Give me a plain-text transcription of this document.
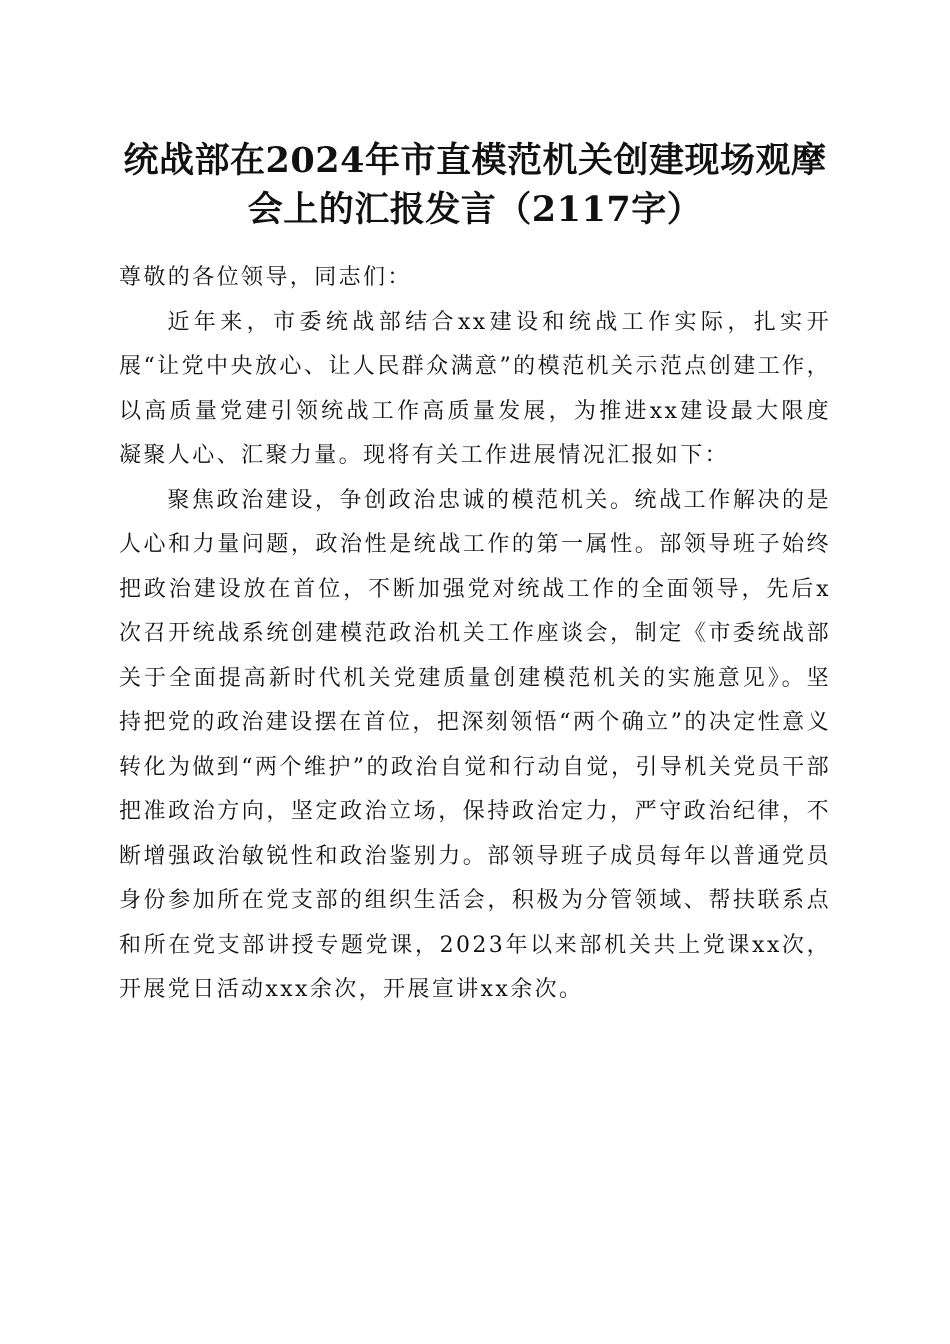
统战部在2024年市直模范机关创建现场观摩
会上的汇报发言（2117字）

尊敬的各位领导，同志们：

近年来，市委统战部结合xx建设和统战工作实际，扎实开展“让党中央放心、让人民群众满意”的模范机关示范点创建工作，以高质量党建引领统战工作高质量发展，为推进xx建设最大限度凝聚人心、汇聚力量。现将有关工作进展情况汇报如下：

聚焦政治建设，争创政治忠诚的模范机关。统战工作解决的是人心和力量问题，政治性是统战工作的第一属性。部领导班子始终把政治建设放在首位，不断加强党对统战工作的全面领导，先后x次召开统战系统创建模范政治机关工作座谈会，制定《市委统战部关于全面提高新时代机关党建质量创建模范机关的实施意见》。坚持把党的政治建设摆在首位，把深刻领悟“两个确立”的决定性意义转化为做到“两个维护”的政治自觉和行动自觉，引导机关党员干部把准政治方向，坚定政治立场，保持政治定力，严守政治纪律，不断增强政治敏锐性和政治鉴别力。部领导班子成员每年以普通党员身份参加所在党支部的组织生活会，积极为分管领域、帮扶联系点和所在党支部讲授专题党课，2023年以来部机关共上党课xx次，开展党日活动xxx余次，开展宣讲xx余次。
